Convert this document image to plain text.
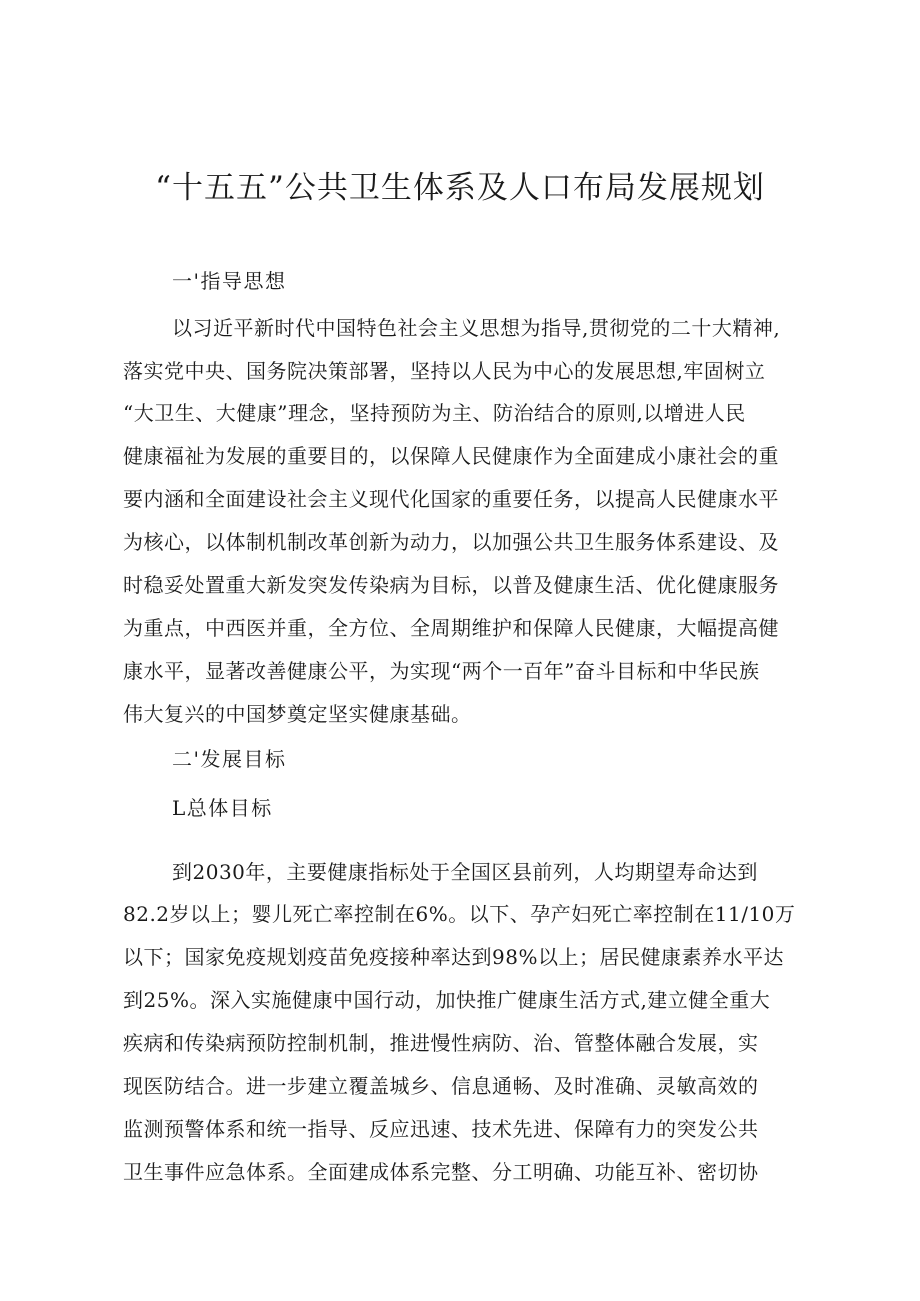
“十五五”公共卫生体系及人口布局发展规划
一'指导思想
以习近平新时代中国特色社会主义思想为指导,贯彻党的二十大精神,
落实党中央、国务院决策部署，坚持以人民为中心的发展思想,牢固树立
“大卫生、大健康”理念，坚持预防为主、防治结合的原则,以增进人民
健康福祉为发展的重要目的，以保障人民健康作为全面建成小康社会的重
要内涵和全面建设社会主义现代化国家的重要任务，以提高人民健康水平
为核心，以体制机制改革创新为动力，以加强公共卫生服务体系建设、及
时稳妥处置重大新发突发传染病为目标，以普及健康生活、优化健康服务
为重点，中西医并重，全方位、全周期维护和保障人民健康，大幅提高健
康水平，显著改善健康公平，为实现“两个一百年”奋斗目标和中华民族
伟大复兴的中国梦奠定坚实健康基础。
二'发展目标
L总体目标
到2030年，主要健康指标处于全国区县前列，人均期望寿命达到
82.2岁以上；婴儿死亡率控制在6%。以下、孕产妇死亡率控制在11/10万
以下；国家免疫规划疫苗免疫接种率达到98%以上；居民健康素养水平达
到25%。深入实施健康中国行动，加快推广健康生活方式,建立健全重大
疾病和传染病预防控制机制，推进慢性病防、治、管整体融合发展，实
现医防结合。进一步建立覆盖城乡、信息通畅、及时准确、灵敏高效的
监测预警体系和统一指导、反应迅速、技术先进、保障有力的突发公共
卫生事件应急体系。全面建成体系完整、分工明确、功能互补、密切协
